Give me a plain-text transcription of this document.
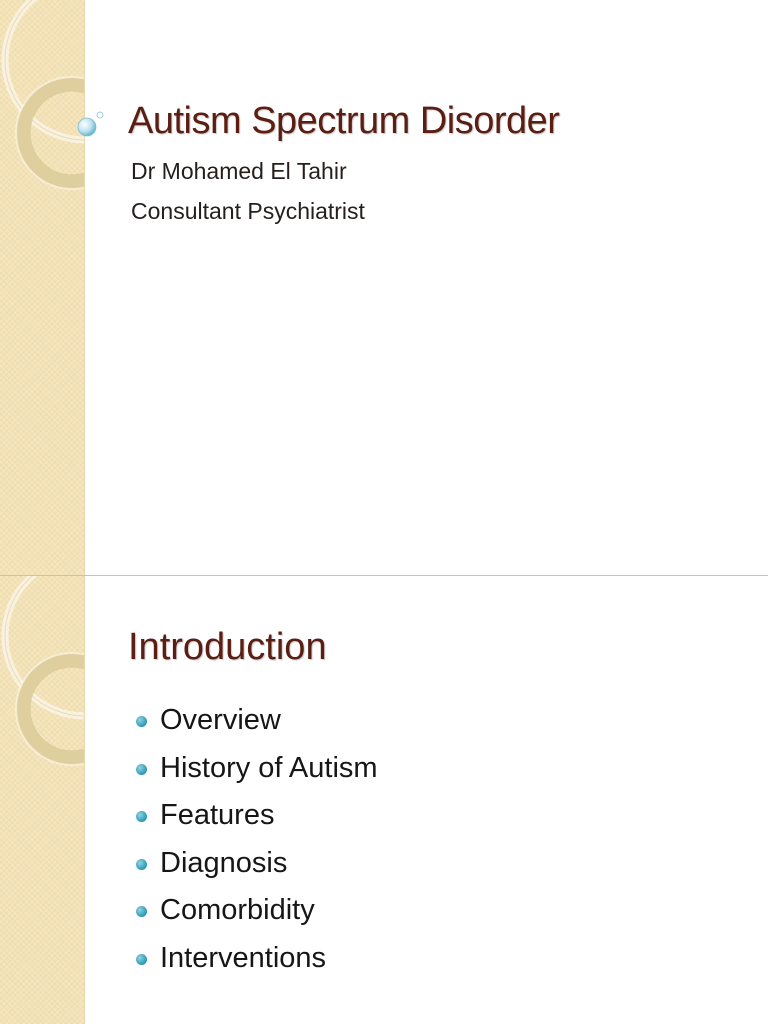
Autism Spectrum Disorder

Dr Mohamed El Tahir

Consultant Psychiatrist

Introduction
Overview
History of Autism
Features
Diagnosis
Comorbidity
Interventions
